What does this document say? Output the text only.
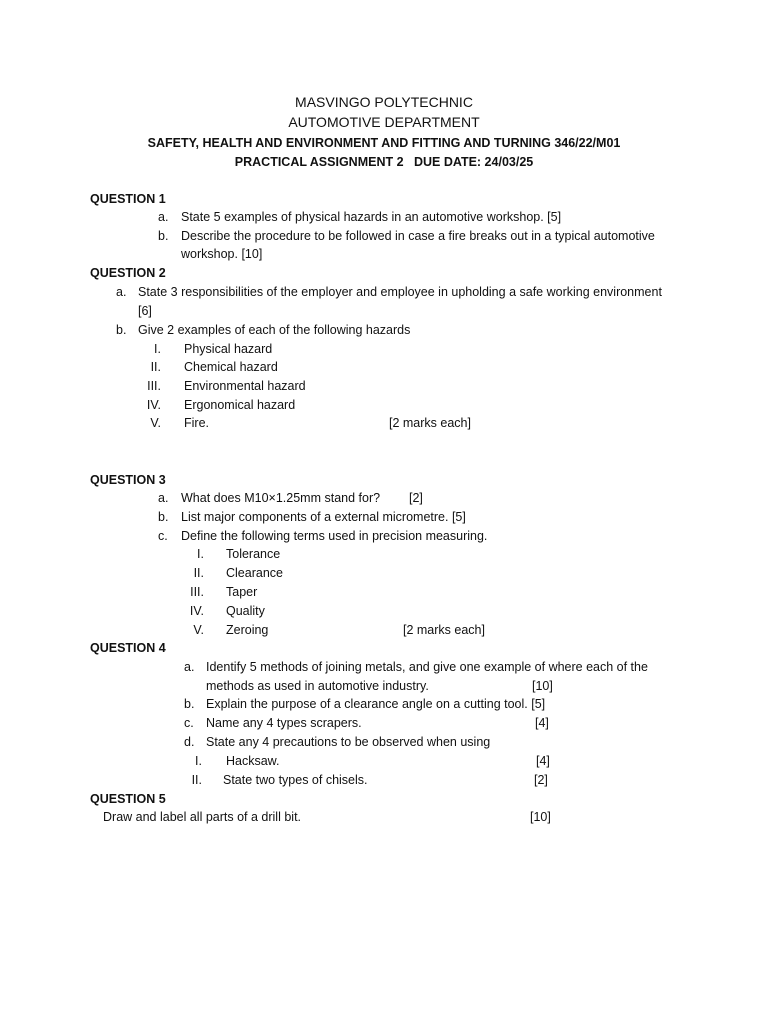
MASVINGO POLYTECHNIC
AUTOMOTIVE DEPARTMENT
SAFETY, HEALTH AND ENVIRONMENT AND FITTING AND TURNING 346/22/M01
PRACTICAL ASSIGNMENT 2   DUE DATE: 24/03/25
QUESTION 1
a. State 5 examples of physical hazards in an automotive workshop. [5]
b. Describe the procedure to be followed in case a fire breaks out in a typical automotive
workshop. [10]
QUESTION 2
a. State 3 responsibilities of the employer and employee in upholding a safe working environment
[6]
b. Give 2 examples of each of the following hazards
I. Physical hazard
II. Chemical hazard
III. Environmental hazard
IV. Ergonomical hazard
V. Fire.	[2 marks each]
QUESTION 3
a. What does M10×1.25mm stand for? [2]
b. List major components of a external micrometre. [5]
c. Define the following terms used in precision measuring.
I. Tolerance
II. Clearance
III. Taper
IV. Quality
V. Zeroing	[2 marks each]
QUESTION 4
a. Identify 5 methods of joining metals, and give one example of where each of the
methods as used in automotive industry.	[10]
b. Explain the purpose of a clearance angle on a cutting tool. [5]
c. Name any 4 types scrapers.	[4]
d. State any 4 precautions to be observed when using
I. Hacksaw.	[4]
II. State two types of chisels.	[2]
QUESTION 5
Draw and label all parts of a drill bit.	[10]
